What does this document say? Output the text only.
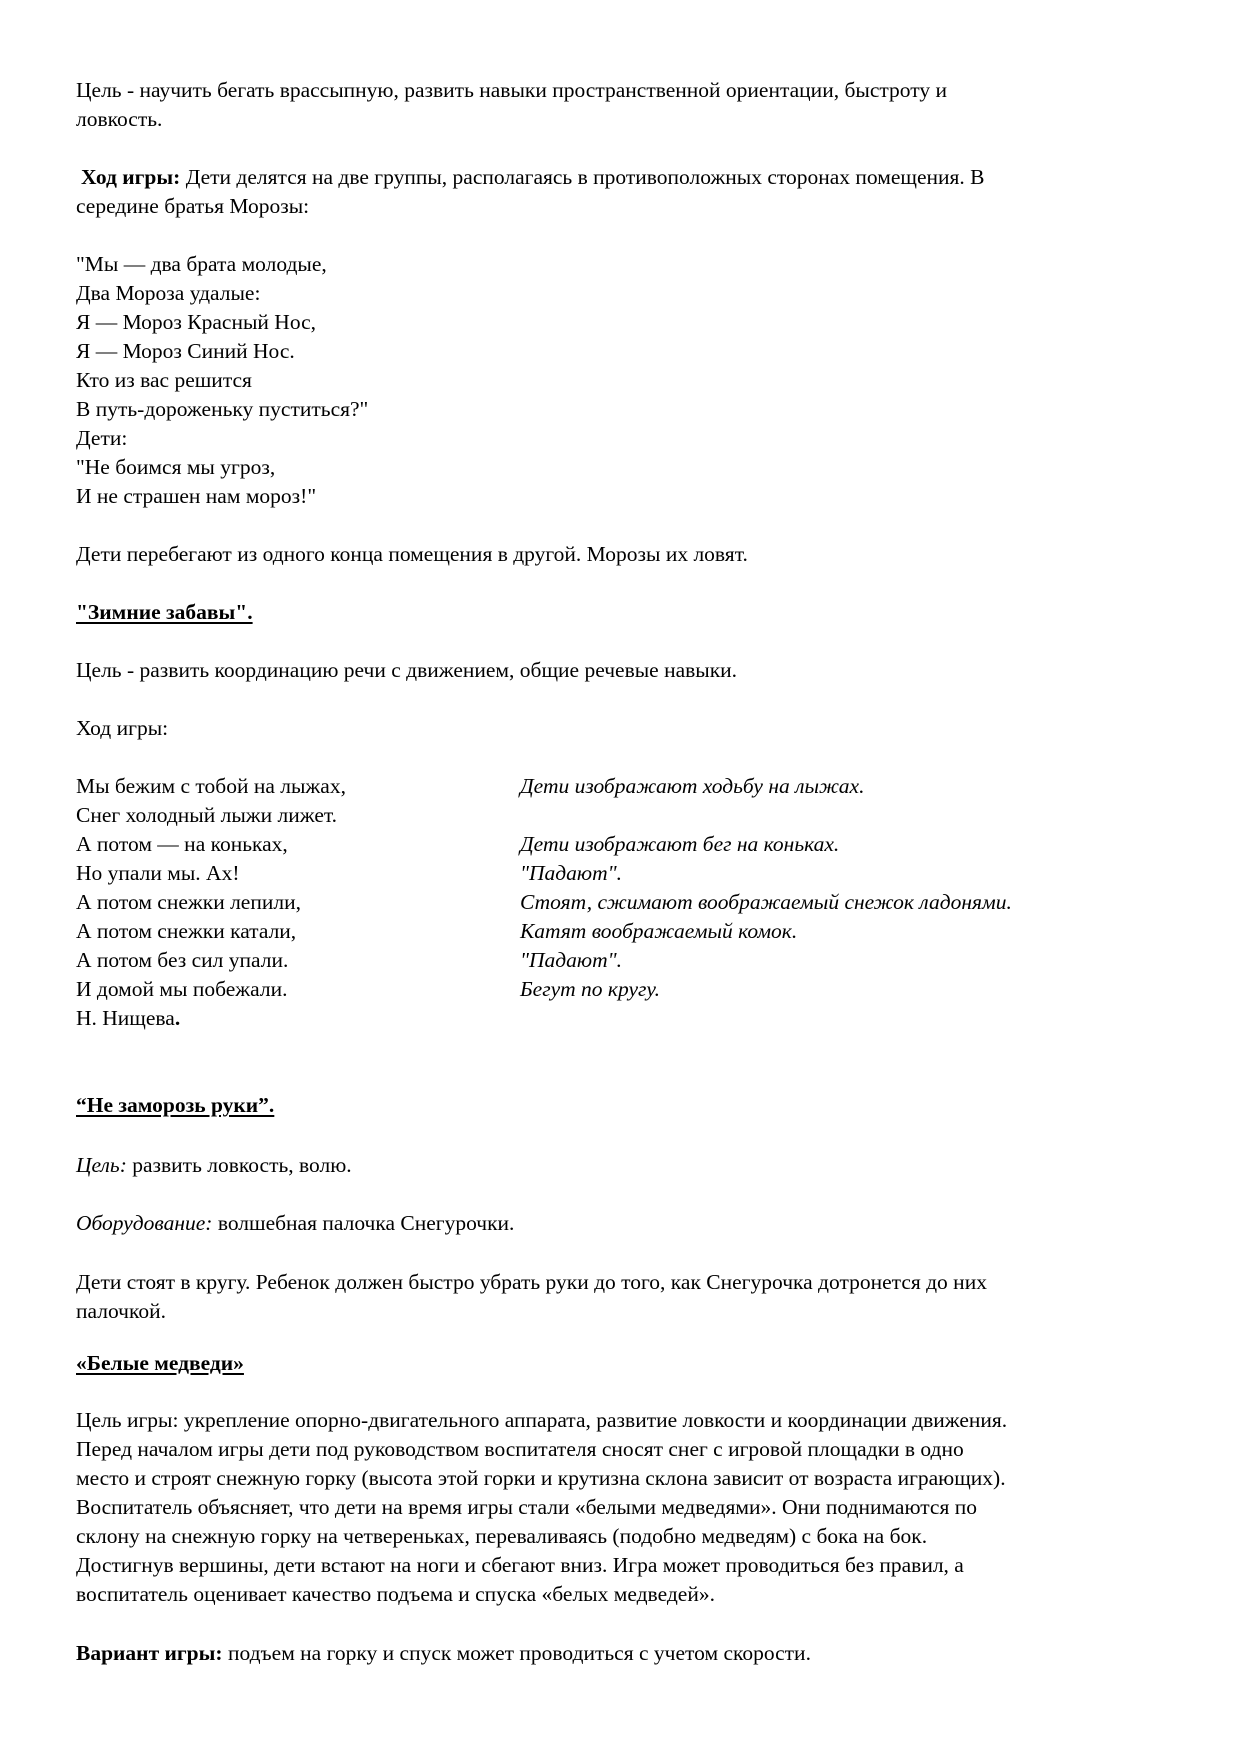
Цель - научить бегать врассыпную, развить навыки пространственной ориентации, быстроту и
ловкость.
Ход игры: Дети делятся на две группы, располагаясь в противоположных сторонах помещения. В
середине братья Морозы:
"Мы — два брата молодые,
Два Мороза удалые:
Я — Мороз Красный Нос,
Я — Мороз Синий Нос.
Кто из вас решится
В путь-дороженьку пуститься?"
Дети:
"Не боимся мы угроз,
И не страшен нам мороз!"
Дети перебегают из одного конца помещения в другой. Морозы их ловят.
"Зимние забавы".
Цель - развить координацию речи с движением, общие речевые навыки.
Ход игры:
Мы бежим с тобой на лыжах,	Дети изображают ходьбу на лыжах.
Снег холодный лыжи лижет.
А потом — на коньках,	Дети изображают бег на коньках.
Но упали мы. Ах!	"Падают".
А потом снежки лепили,	Стоят, сжимают воображаемый снежок ладонями.
А потом снежки катали,	Катят воображаемый комок.
А потом без сил упали.	"Падают".
И домой мы побежали.	Бегут по кругу.
Н. Нищева.
“Не заморозь руки”.
Цель: развить ловкость, волю.
Оборудование: волшебная палочка Снегурочки.
Дети стоят в кругу. Ребенок должен быстро убрать руки до того, как Снегурочка дотронется до них
палочкой.
«Белые медведи»
Цель игры: укрепление опорно-двигательного аппарата, развитие ловкости и координации движения.
Перед началом игры дети под руководством воспитателя сносят снег с игровой площадки в одно
место и строят снежную горку (высота этой горки и крутизна склона зависит от возраста играющих).
Воспитатель объясняет, что дети на время игры стали «белыми медведями». Они поднимаются по
склону на снежную горку на четвереньках, переваливаясь (подобно медведям) с бока на бок.
Достигнув вершины, дети встают на ноги и сбегают вниз. Игра может проводиться без правил, а
воспитатель оценивает качество подъема и спуска «белых медведей».
Вариант игры: подъем на горку и спуск может проводиться с учетом скорости.
